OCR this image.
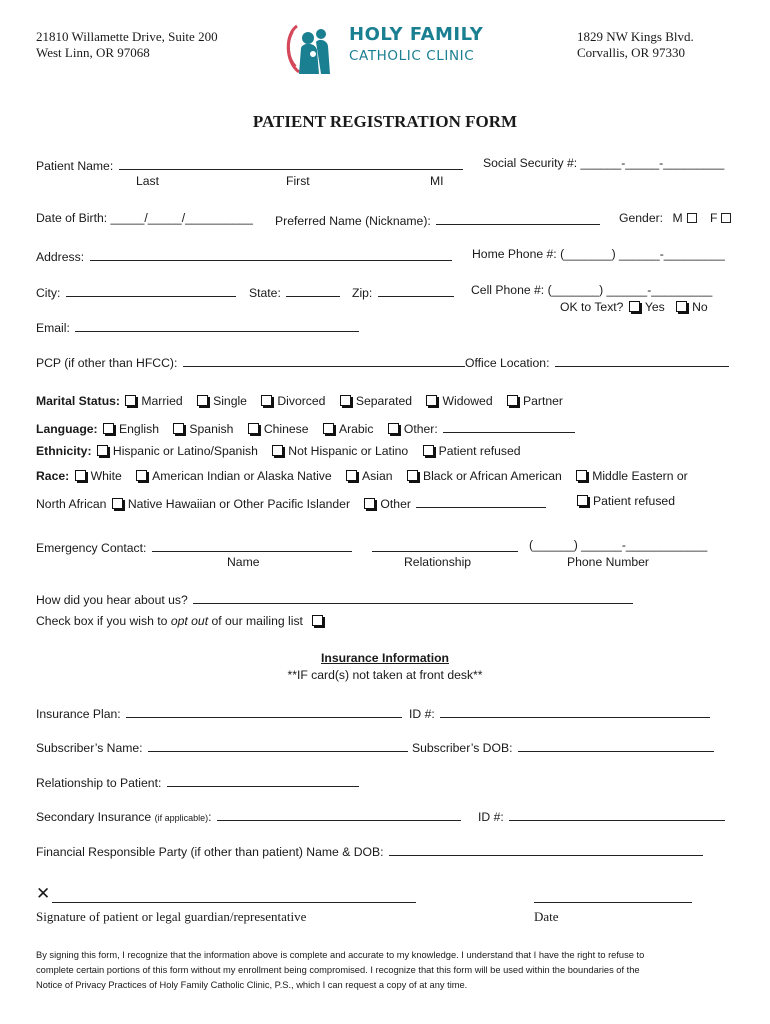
21810 Willamette Drive, Suite 200
West Linn, OR 97068
HOLY FAMILY
CATHOLIC CLINIC
1829 NW Kings Blvd.
Corvallis, OR 97330
PATIENT REGISTRATION FORM
Patient Name:
Last	First	MI
Social Security #: ______-_____-_________
Date of Birth: _____/_____/__________ Preferred Name (Nickname):	Gender: M F
Address:	Home Phone #: (_______) ______-_________
City:	State:	Zip:	Cell Phone #: (_______) ______-_________
OK to Text? Yes No
Email:
PCP (if other than HFCC):	Office Location:
Marital Status: Married Single Divorced Separated Widowed Partner
Language: English Spanish Chinese Arabic Other:
Ethnicity: Hispanic or Latino/Spanish Not Hispanic or Latino Patient refused
Race: White American Indian or Alaska Native Asian Black or African American Middle Eastern or
North African Native Hawaiian or Other Pacific Islander Other	Patient refused
Emergency Contact:	(______) ______-____________
Name	Relationship	Phone Number
How did you hear about us?
Check box if you wish to opt out of our mailing list
Insurance Information
**IF card(s) not taken at front desk**
Insurance Plan:	ID #:
Subscriber’s Name:	Subscriber’s DOB:
Relationship to Patient:
Secondary Insurance (if applicable):	ID #:
Financial Responsible Party (if other than patient) Name & DOB:
✕
Signature of patient or legal guardian/representative	Date
By signing this form, I recognize that the information above is complete and accurate to my knowledge. I understand that I have the right to refuse to
complete certain portions of this form without my enrollment being compromised. I recognize that this form will be used within the boundaries of the
Notice of Privacy Practices of Holy Family Catholic Clinic, P.S., which I can request a copy of at any time.
